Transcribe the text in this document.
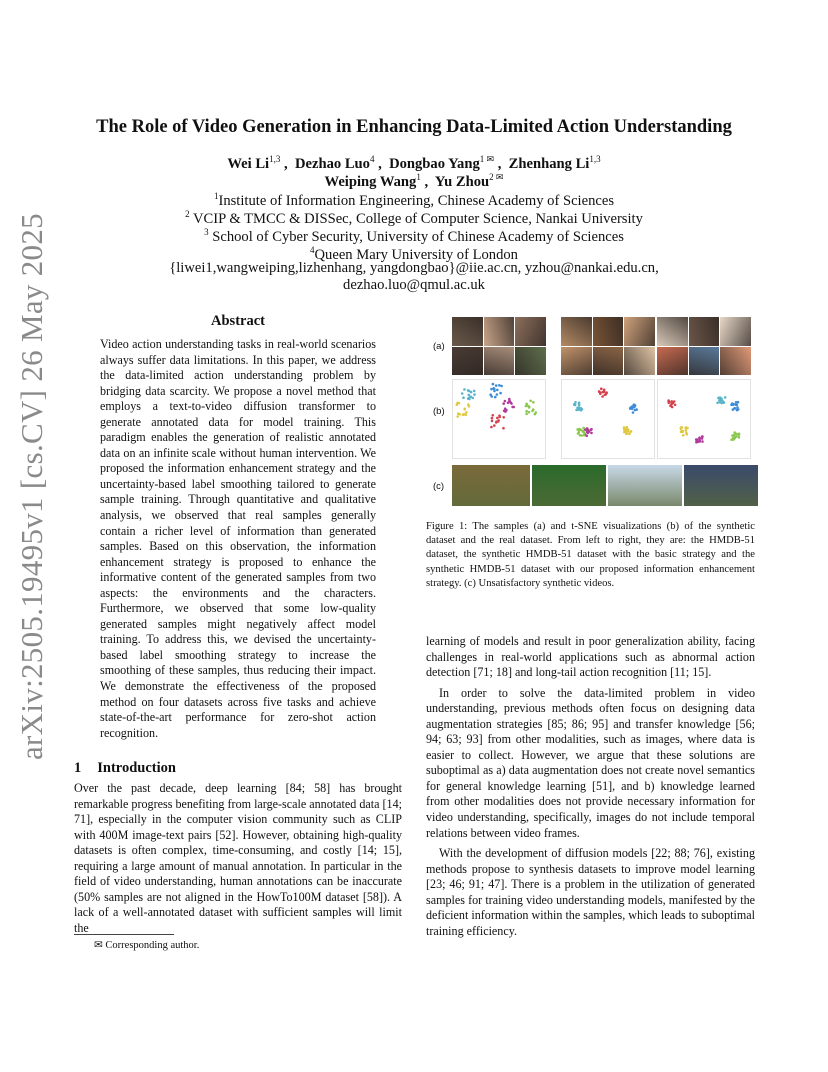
arXiv:2505.19495v1 [cs.CV] 26 May 2025
The Role of Video Generation in Enhancing Data-Limited Action Understanding
Wei Li$^{1,3}$ ,  Dezhao Luo$^4$ ,  Dongbao Yang$^{1 ✉}$ ,  Zhenhang Li$^{1,3}$
Weiping Wang$^1$ ,  Yu Zhou$^{2 ✉}$
$^1$Institute of Information Engineering, Chinese Academy of Sciences
$^2$ VCIP & TMCC & DISSec, College of Computer Science, Nankai University
$^3$ School of Cyber Security, University of Chinese Academy of Sciences
$^4$Queen Mary University of London
{liwei1,wangweiping,lizhenhang, yangdongbao}@iie.ac.cn, yzhou@nankai.edu.cn,
dezhao.luo@qmul.ac.uk
Abstract
Video action understanding tasks in real-world scenarios always suffer data limitations. In this paper, we address the data-limited action understanding problem by bridging data scarcity. We propose a novel method that employs a text-to-video diffusion transformer to generate annotated data for model training. This paradigm enables the generation of realistic annotated data on an infinite scale without human intervention. We proposed the information enhancement strategy and the uncertainty-based label smoothing tailored to generate sample training. Through quantitative and qualitative analysis, we observed that real samples generally contain a richer level of information than generated samples. Based on this observation, the information enhancement strategy is proposed to enhance the informative content of the generated samples from two aspects: the environments and the characters. Furthermore, we observed that some low-quality generated samples might negatively affect model training. To address this, we devised the uncertainty-based label smoothing strategy to increase the smoothing of these samples, thus reducing their impact. We demonstrate the effectiveness of the proposed method on four datasets across five tasks and achieve state-of-the-art performance for zero-shot action recognition.
1 Introduction
Over the past decade, deep learning [84; 58] has brought remarkable progress benefiting from large-scale annotated data [14; 71], especially in the computer vision community such as CLIP with 400M image-text pairs [52]. However, obtaining high-quality datasets is often complex, time-consuming, and costly [14; 15], requiring a large amount of manual annotation. In particular in the field of video understanding, human annotations can be inaccurate (50% samples are not aligned in the HowTo100M dataset [58]). A lack of a well-annotated dataset with sufficient samples will limit the
✉ Corresponding author.
(a)
(b)
(c)
Figure 1: The samples (a) and t-SNE visualizations (b) of the synthetic dataset and the real dataset. From left to right, they are: the HMDB-51 dataset, the synthetic HMDB-51 dataset with the basic strategy and the synthetic HMDB-51 dataset with our proposed information enhancement strategy. (c) Unsatisfactory synthetic videos.

learning of models and result in poor generalization ability, facing challenges in real-world applications such as abnormal action detection [71; 18] and long-tail action recognition [11; 15].

In order to solve the data-limited problem in video understanding, previous methods often focus on designing data augmentation strategies [85; 86; 95] and transfer knowledge [56; 94; 63; 93] from other modalities, such as images, where data is easier to collect. However, we argue that these solutions are suboptimal as a) data augmentation does not create novel semantics for general knowledge learning [51], and b) knowledge learned from other modalities does not provide necessary information for video understanding, specifically, images do not include temporal relations between video frames.

With the development of diffusion models [22; 88; 76], existing methods propose to synthesis datasets to improve model learning [23; 46; 91; 47]. There is a problem in the utilization of generated samples for training video understanding models, manifested by the deficient information within the samples, which leads to suboptimal training efficiency.
